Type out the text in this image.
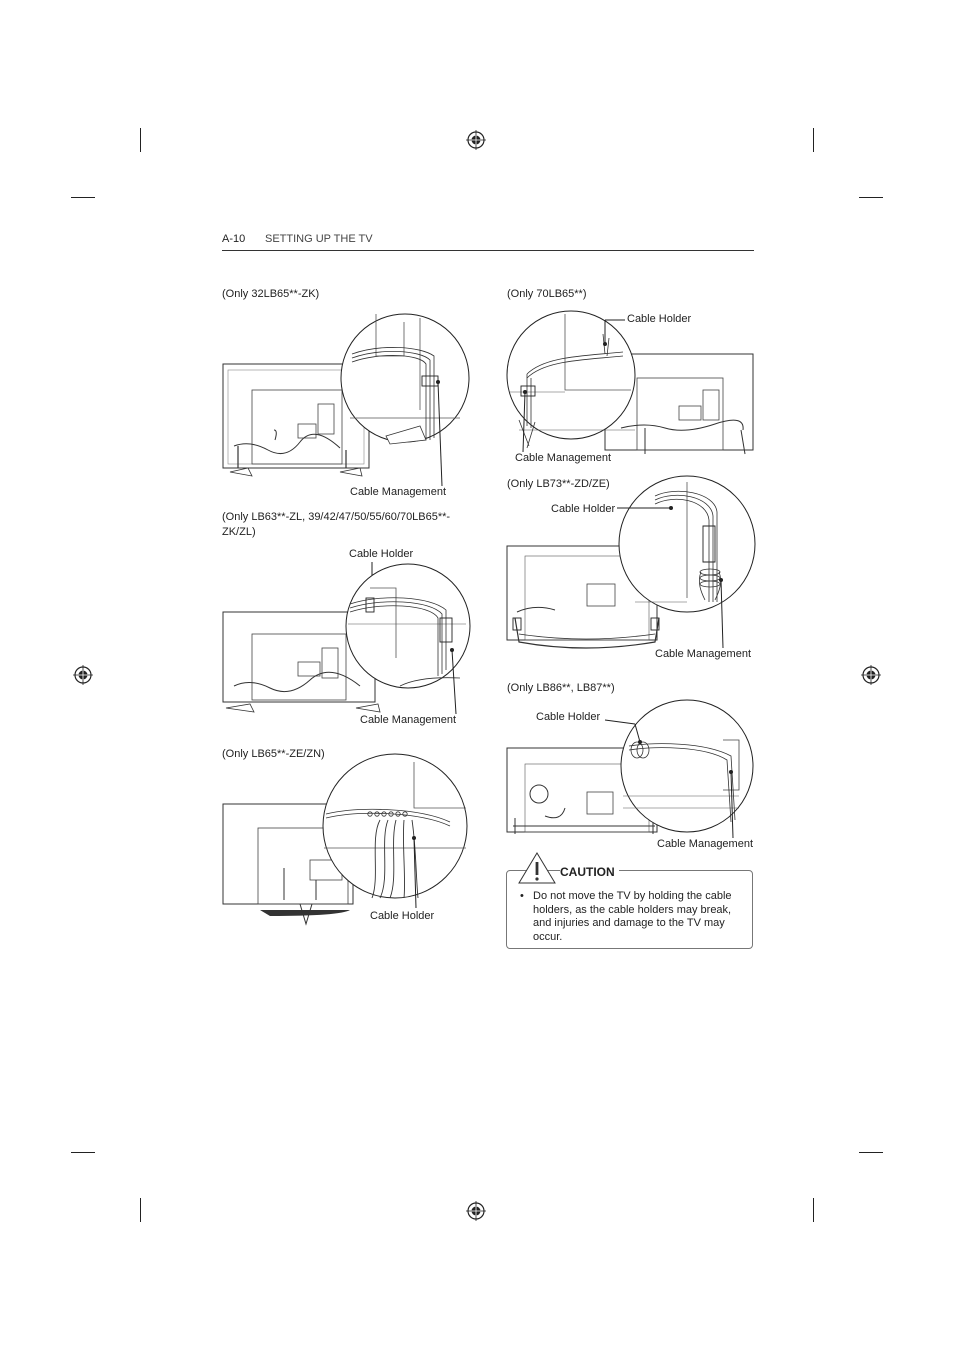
A-10 SETTING UP THE TV
(Only 32LB65**-ZK)
Cable Management
(Only LB63**-ZL, 39/42/47/50/55/60/70LB65**-
ZK/ZL)
Cable Holder
Cable Management
(Only LB65**-ZE/ZN)
Cable Holder
(Only 70LB65**)
Cable Holder
Cable Management
(Only LB73**-ZD/ZE)
Cable Holder
Cable Management
(Only LB86**, LB87**)
Cable Holder
Cable Management
CAUTION
• Do not move the TV by holding the cable holders, as the cable holders may break, and injuries and damage to the TV may occur.
